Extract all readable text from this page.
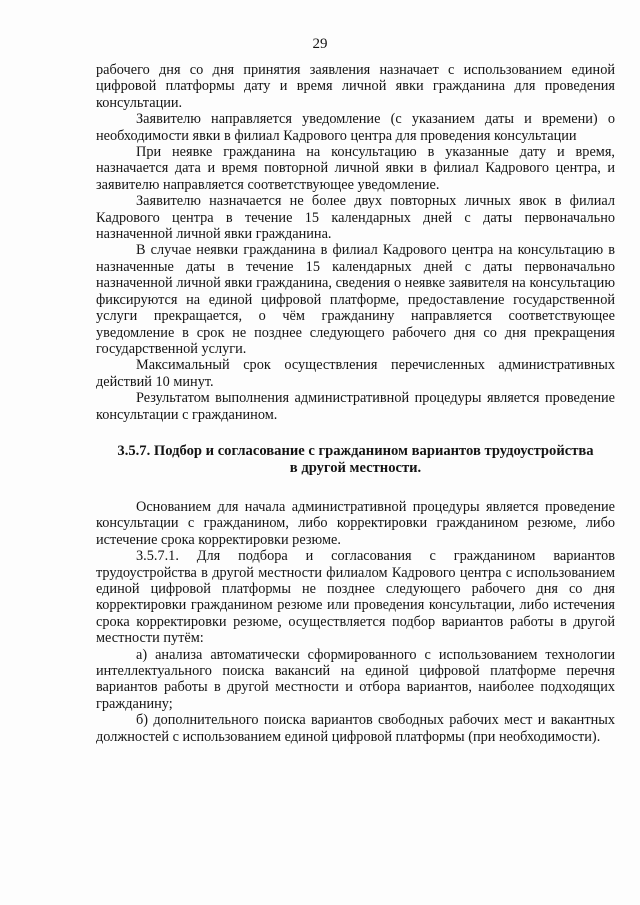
29

рабочего дня со дня принятия заявления назначает с использованием единой цифровой платформы дату и время личной явки гражданина для проведения консультации.

Заявителю направляется уведомление (с указанием даты и времени) о необходимости явки в филиал Кадрового центра для проведения консультации

При неявке гражданина на консультацию в указанные дату и время, назначается дата и время повторной личной явки в филиал Кадрового центра, и заявителю направляется соответствующее уведомление.

Заявителю назначается не более двух повторных личных явок в филиал Кадрового центра в течение 15 календарных дней с даты первоначально назначенной личной явки гражданина.

В случае неявки гражданина в филиал Кадрового центра на консультацию в назначенные даты в течение 15 календарных дней с даты первоначально назначенной личной явки гражданина, сведения о неявке заявителя на консультацию фиксируются на единой цифровой платформе, предоставление государственной услуги прекращается, о чём гражданину направляется соответствующее уведомление в срок не позднее следующего рабочего дня со дня прекращения государственной услуги.

Максимальный срок осуществления перечисленных административных действий 10 минут.

Результатом выполнения административной процедуры является проведение консультации с гражданином.

3.5.7. Подбор и согласование с гражданином вариантов трудоустройства в другой местности.

Основанием для начала административной процедуры является проведение консультации с гражданином, либо корректировки гражданином резюме, либо истечение срока корректировки резюме.

3.5.7.1. Для подбора и согласования с гражданином вариантов трудоустройства в другой местности филиалом Кадрового центра с использованием единой цифровой платформы не позднее следующего рабочего дня со дня корректировки гражданином резюме или проведения консультации, либо истечения срока корректировки резюме, осуществляется подбор вариантов работы в другой местности путём:

а) анализа автоматически сформированного с использованием технологии интеллектуального поиска вакансий на единой цифровой платформе перечня вариантов работы в другой местности и отбора вариантов, наиболее подходящих гражданину;

б) дополнительного поиска вариантов свободных рабочих мест и вакантных должностей с использованием единой цифровой платформы (при необходимости).
